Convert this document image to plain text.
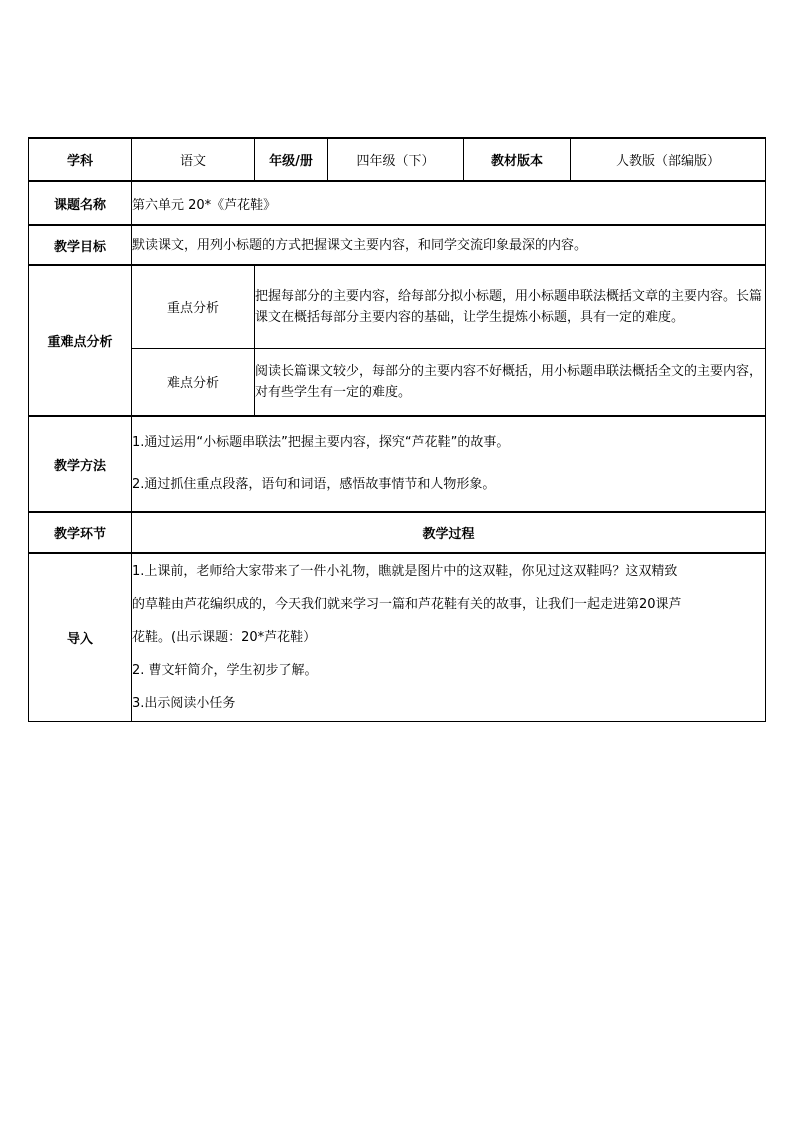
学科	语文	年级/册	四年级（下）	教材版本	人教版（部编版）
课题名称	第六单元 20*《芦花鞋》				
教学目标	默读课文，用列小标题的方式把握课文主要内容，和同学交流印象最深的内容。				
重难点分析	重点分析	把握每部分的主要内容，给每部分拟小标题，用小标题串联法概括文章的主要内容。长篇课文在概括每部分主要内容的基础，让学生提炼小标题，具有一定的难度。			
	难点分析	阅读长篇课文较少，每部分的主要内容不好概括，用小标题串联法概括全文的主要内容，对有些学生有一定的难度。			
教学方法	1.通过运用“小标题串联法”把握主要内容，探究“芦花鞋”的故事。

2.通过抓住重点段落，语句和词语，感悟故事情节和人物形象。				

教学环节	教学过程				
导入	1.上课前，老师给大家带来了一件小礼物，瞧就是图片中的这双鞋，你见过这双鞋吗？这双精致

的草鞋由芦花编织成的，今天我们就来学习一篇和芦花鞋有关的故事，让我们一起走进第20课芦

花鞋。(出示课题：20*芦花鞋）

2. 曹文轩简介，学生初步了解。

3.出示阅读小任务				
